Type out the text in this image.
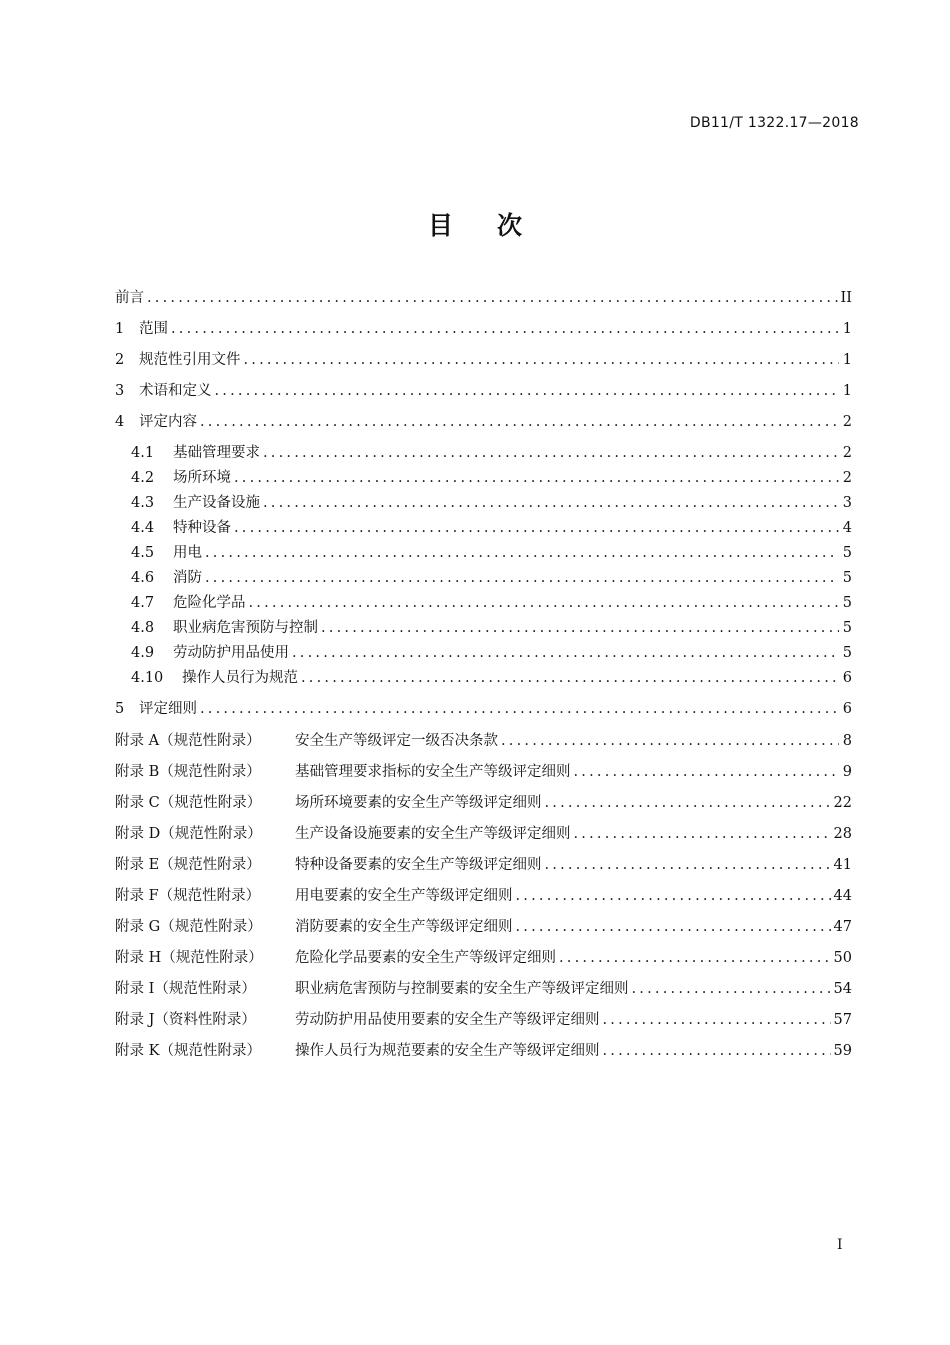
DB11/T 1322.17—2018
目 次
前言 .....	II
1	范围 .....	1
2	规范性引用文件 .....	1
3	术语和定义 .....	1
4	评定内容 .....	2
4.1	基础管理要求 .....	2
4.2	场所环境 .....	2
4.3	生产设备设施 .....	3
4.4	特种设备 .....	4
4.5	用电 .....	5
4.6	消防 .....	5
4.7	危险化学品 .....	5
4.8	职业病危害预防与控制 .....	5
4.9	劳动防护用品使用 .....	5
4.10	操作人员行为规范 .....	6
5	评定细则 .....	6
附录 A（规范性附录）	安全生产等级评定一级否决条款 .....	8
附录 B（规范性附录）	基础管理要求指标的安全生产等级评定细则 .....	9
附录 C（规范性附录）	场所环境要素的安全生产等级评定细则 .....	22
附录 D（规范性附录）	生产设备设施要素的安全生产等级评定细则 .....	28
附录 E（规范性附录）	特种设备要素的安全生产等级评定细则 .....	41
附录 F（规范性附录）	用电要素的安全生产等级评定细则 .....	44
附录 G（规范性附录）	消防要素的安全生产等级评定细则 .....	47
附录 H（规范性附录）	危险化学品要素的安全生产等级评定细则 .....	50
附录 I（规范性附录）	职业病危害预防与控制要素的安全生产等级评定细则 .....	54
附录 J（资料性附录）	劳动防护用品使用要素的安全生产等级评定细则 .....	57
附录 K（规范性附录）	操作人员行为规范要素的安全生产等级评定细则 .....	59
I
